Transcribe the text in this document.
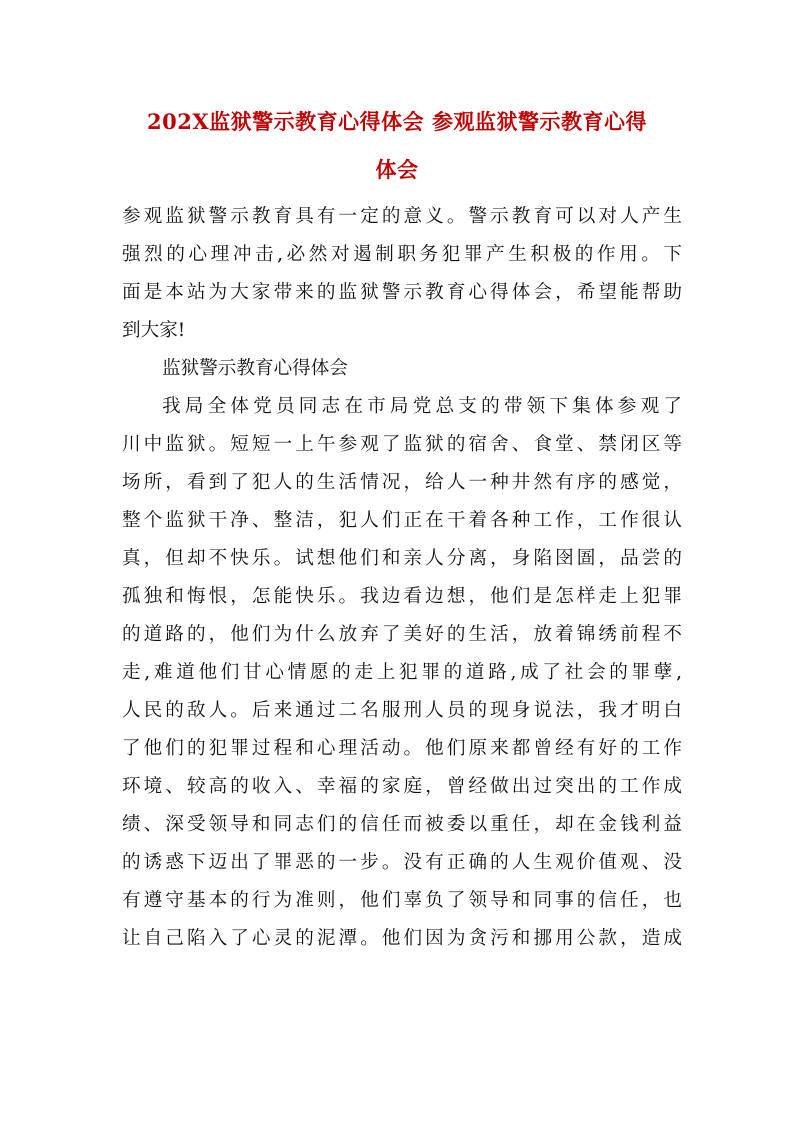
202X监狱警示教育心得体会 参观监狱警示教育心得
体会
参观监狱警示教育具有一定的意义。警示教育可以对人产生
强烈的心理冲击,必然对遏制职务犯罪产生积极的作用。下
面是本站为大家带来的监狱警示教育心得体会，希望能帮助
到大家!
监狱警示教育心得体会
我局全体党员同志在市局党总支的带领下集体参观了
川中监狱。短短一上午参观了监狱的宿舍、食堂、禁闭区等
场所，看到了犯人的生活情况，给人一种井然有序的感觉，
整个监狱干净、整洁，犯人们正在干着各种工作，工作很认
真，但却不快乐。试想他们和亲人分离，身陷囹圄，品尝的
孤独和悔恨，怎能快乐。我边看边想，他们是怎样走上犯罪
的道路的，他们为什么放弃了美好的生活，放着锦绣前程不
走,难道他们甘心情愿的走上犯罪的道路,成了社会的罪孽,
人民的敌人。后来通过二名服刑人员的现身说法，我才明白
了他们的犯罪过程和心理活动。他们原来都曾经有好的工作
环境、较高的收入、幸福的家庭，曾经做出过突出的工作成
绩、深受领导和同志们的信任而被委以重任，却在金钱利益
的诱惑下迈出了罪恶的一步。没有正确的人生观价值观、没
有遵守基本的行为准则，他们辜负了领导和同事的信任，也
让自己陷入了心灵的泥潭。他们因为贪污和挪用公款，造成
